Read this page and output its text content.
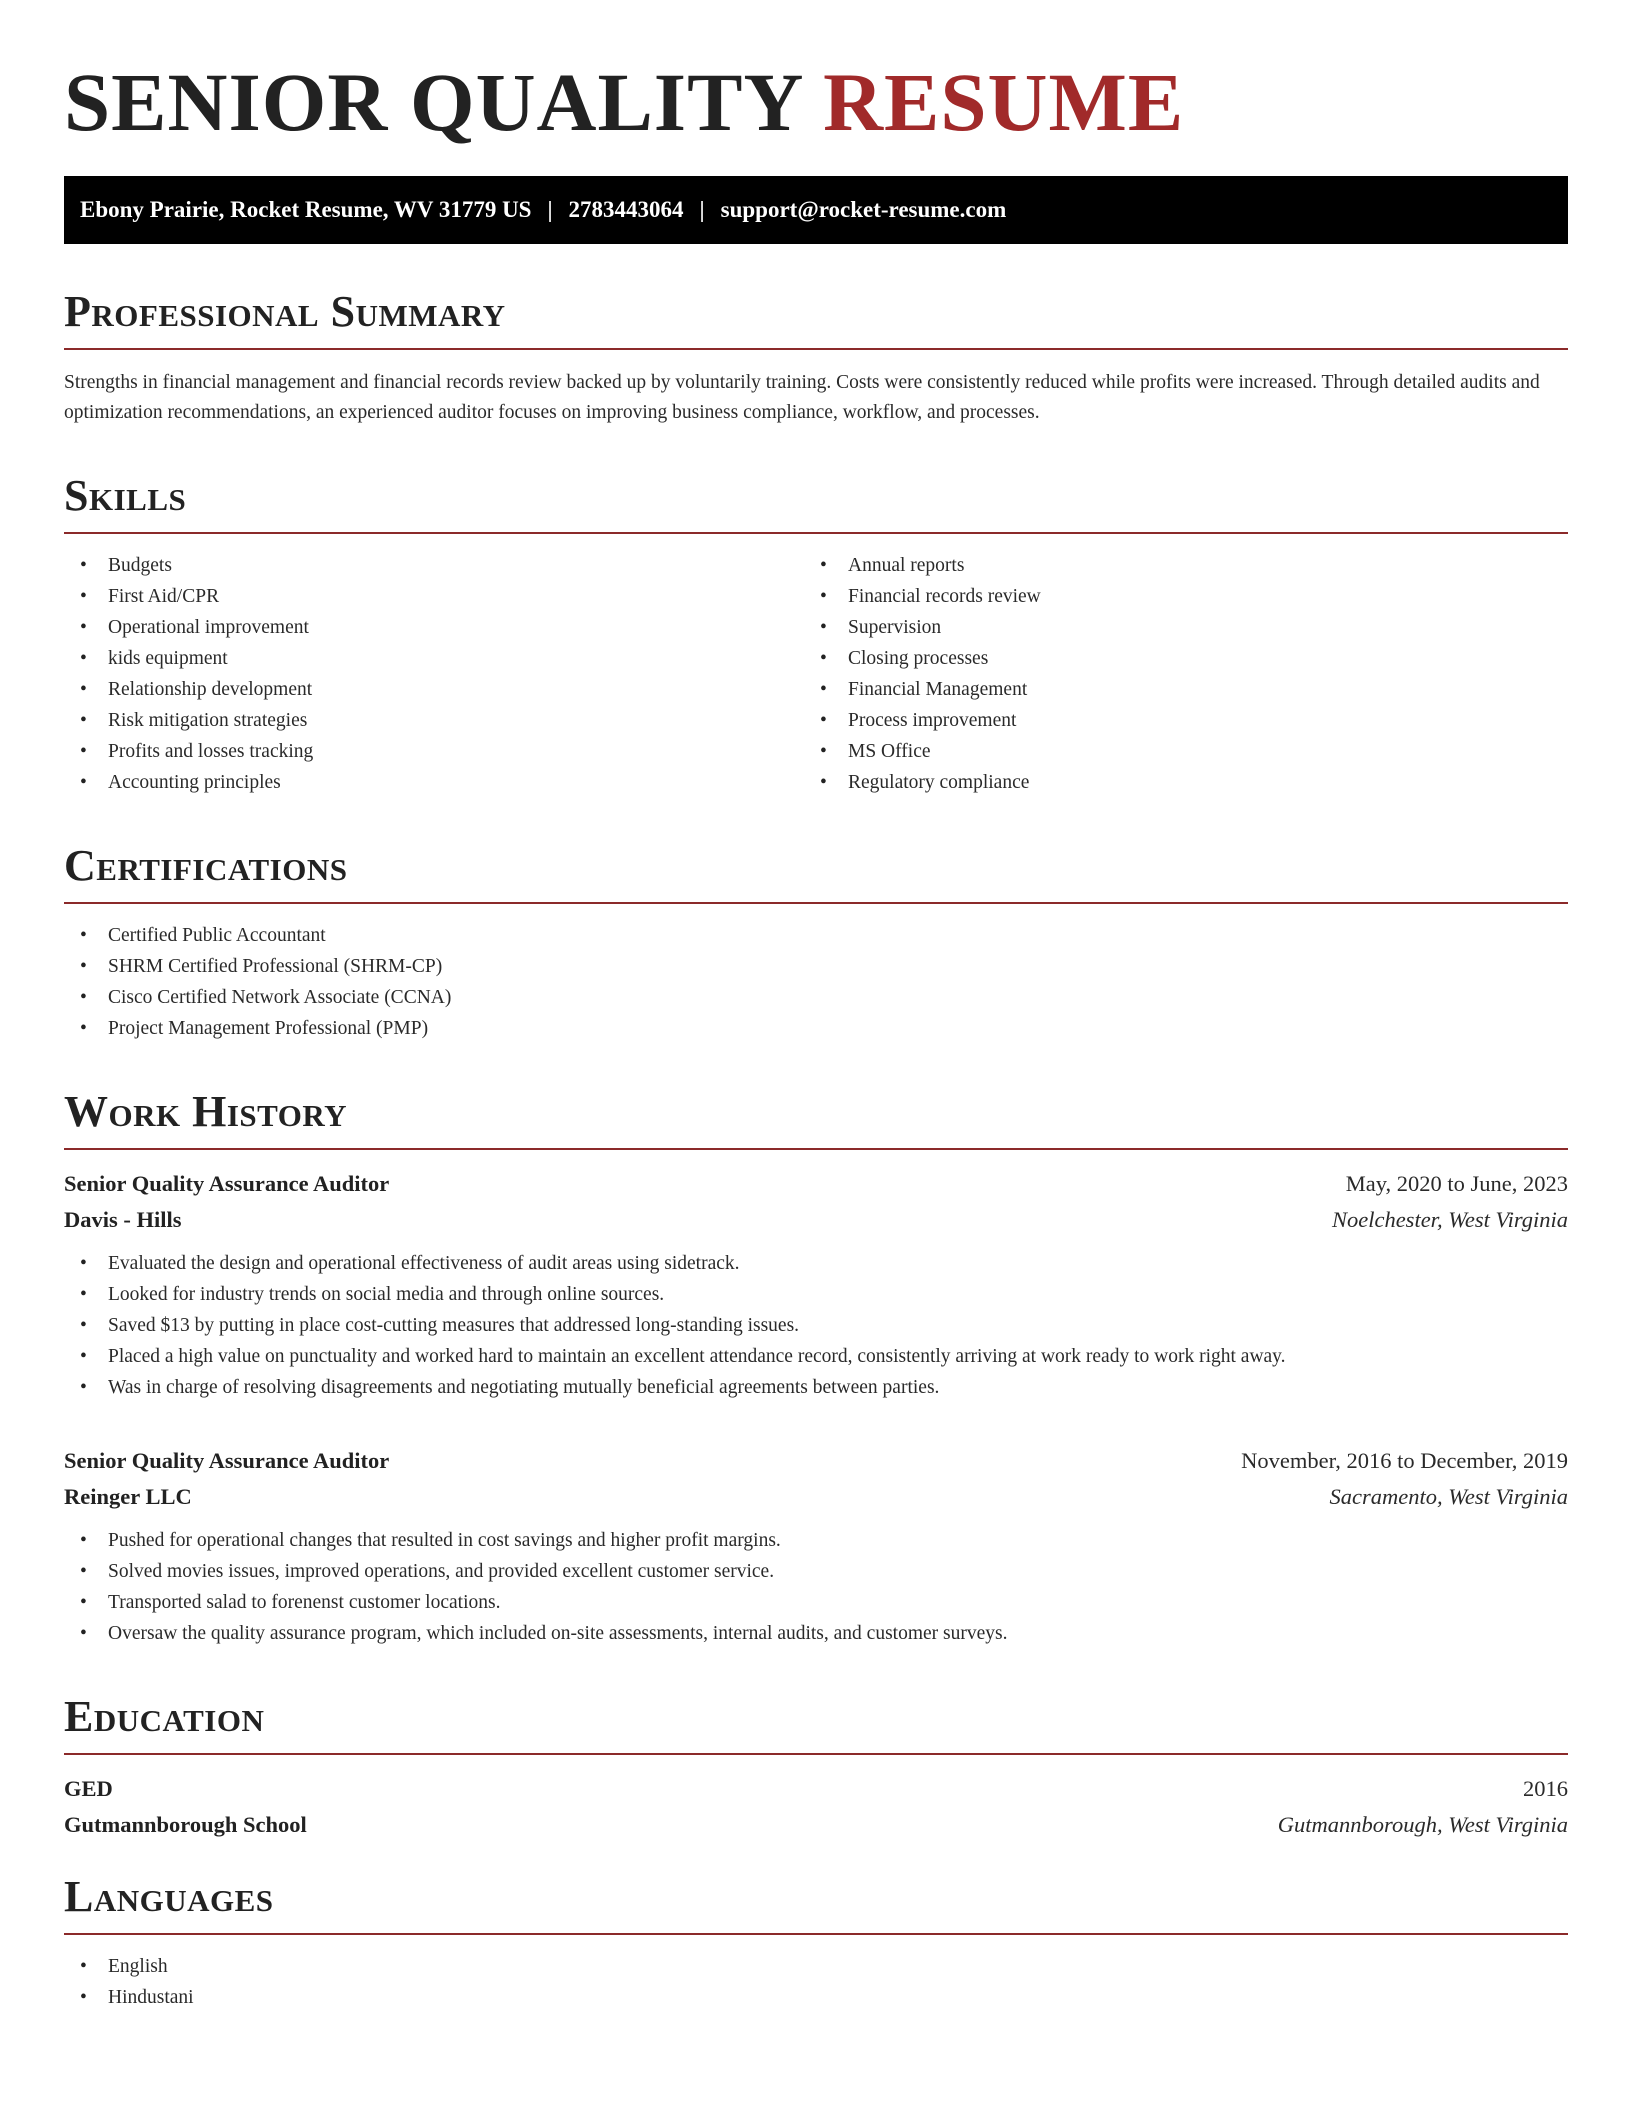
SENIOR QUALITY RESUME
Ebony Prairie, Rocket Resume, WV 31779 US | 2783443064 | support@rocket-resume.com
Professional Summary

Strengths in financial management and financial records review backed up by voluntarily training. Costs were consistently reduced while profits were increased. Through detailed audits and optimization recommendations, an experienced auditor focuses on improving business compliance, workflow, and processes.

Skills
• Budgets
• First Aid/CPR
• Operational improvement
• kids equipment
• Relationship development
• Risk mitigation strategies
• Profits and losses tracking
• Accounting principles
• Annual reports
• Financial records review
• Supervision
• Closing processes
• Financial Management
• Process improvement
• MS Office
• Regulatory compliance
Certifications
• Certified Public Accountant
• SHRM Certified Professional (SHRM-CP)
• Cisco Certified Network Associate (CCNA)
• Project Management Professional (PMP)
Work History
Senior Quality Assurance Auditor	May, 2020 to June, 2023
Davis - Hills	Noelchester, West Virginia
• Evaluated the design and operational effectiveness of audit areas using sidetrack.
• Looked for industry trends on social media and through online sources.
• Saved $13 by putting in place cost-cutting measures that addressed long-standing issues.
• Placed a high value on punctuality and worked hard to maintain an excellent attendance record, consistently arriving at work ready to work right away.
• Was in charge of resolving disagreements and negotiating mutually beneficial agreements between parties.
Senior Quality Assurance Auditor	November, 2016 to December, 2019
Reinger LLC	Sacramento, West Virginia
• Pushed for operational changes that resulted in cost savings and higher profit margins.
• Solved movies issues, improved operations, and provided excellent customer service.
• Transported salad to forenenst customer locations.
• Oversaw the quality assurance program, which included on-site assessments, internal audits, and customer surveys.
Education
GED	2016
Gutmannborough School	Gutmannborough, West Virginia
Languages
• English
• Hindustani
